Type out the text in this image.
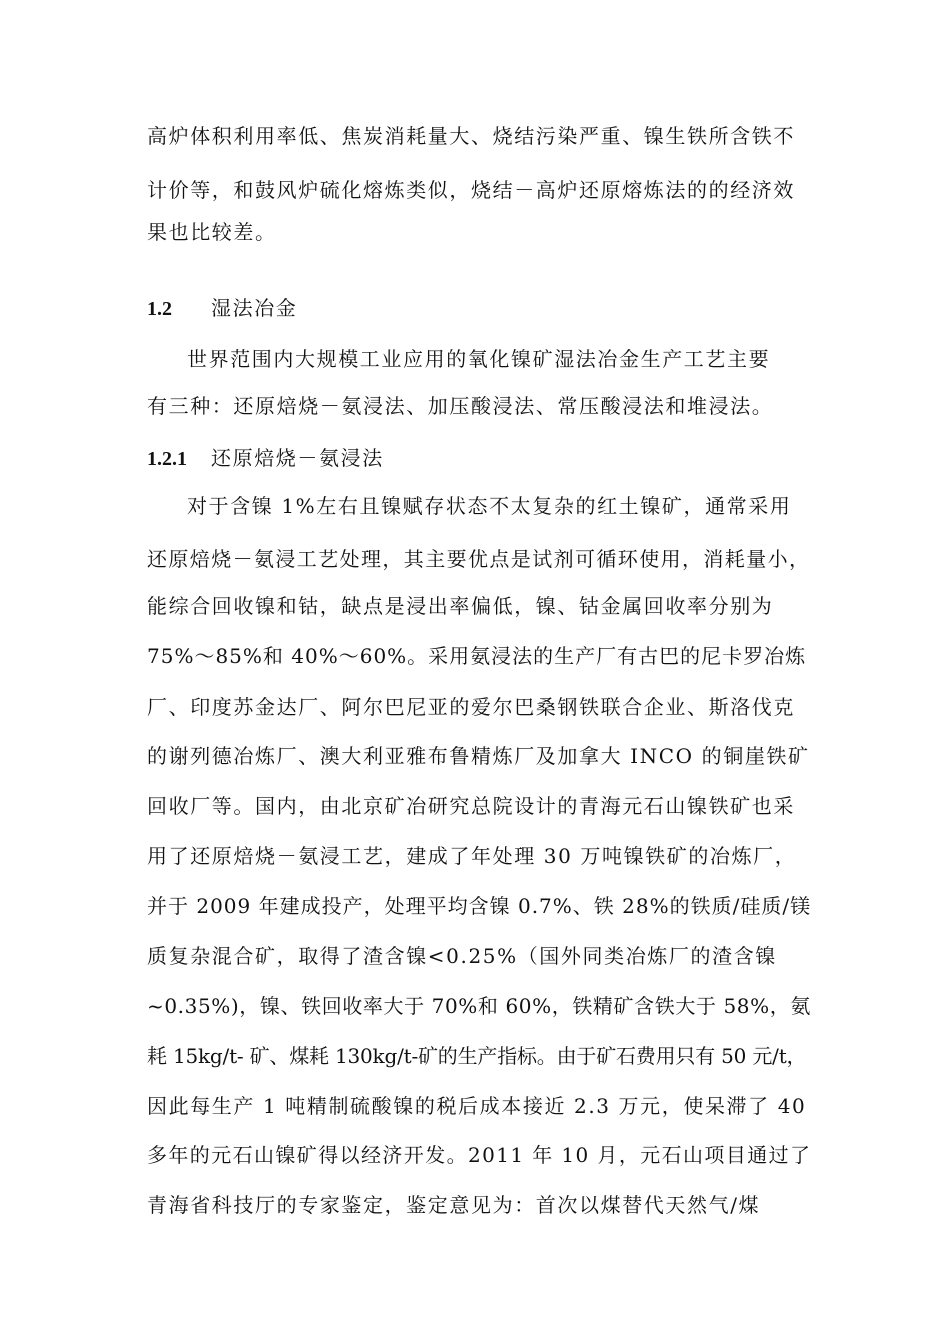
高炉体积利用率低、焦炭消耗量大、烧结污染严重、镍生铁所含铁不
计价等，和鼓风炉硫化熔炼类似，烧结－高炉还原熔炼法的的经济效
果也比较差。
1.2 湿法冶金
世界范围内大规模工业应用的氧化镍矿湿法冶金生产工艺主要
有三种：还原焙烧－氨浸法、加压酸浸法、常压酸浸法和堆浸法。
1.2.1 还原焙烧－氨浸法
对于含镍 1%左右且镍赋存状态不太复杂的红土镍矿，通常采用
还原焙烧－氨浸工艺处理，其主要优点是试剂可循环使用，消耗量小，
能综合回收镍和钴，缺点是浸出率偏低，镍、钴金属回收率分别为
75%～85%和 40%～60%。采用氨浸法的生产厂有古巴的尼卡罗冶炼
厂、印度苏金达厂、阿尔巴尼亚的爱尔巴桑钢铁联合企业、斯洛伐克
的谢列德冶炼厂、澳大利亚雅布鲁精炼厂及加拿大 INCO 的铜崖铁矿
回收厂等。国内，由北京矿冶研究总院设计的青海元石山镍铁矿也采
用了还原焙烧－氨浸工艺，建成了年处理 30 万吨镍铁矿的冶炼厂，
并于 2009 年建成投产，处理平均含镍 0.7%、铁 28%的铁质/硅质/镁
质复杂混合矿，取得了渣含镍<0.25%（国外同类冶炼厂的渣含镍
~0.35%)，镍、铁回收率大于 70%和 60%，铁精矿含铁大于 58%，氨
耗 15kg/t- 矿、煤耗 130kg/t-矿的生产指标。由于矿石费用只有 50 元/t，
因此每生产 1 吨精制硫酸镍的税后成本接近 2.3 万元，使呆滞了 40
多年的元石山镍矿得以经济开发。2011 年 10 月，元石山项目通过了
青海省科技厅的专家鉴定，鉴定意见为：首次以煤替代天然气/煤
